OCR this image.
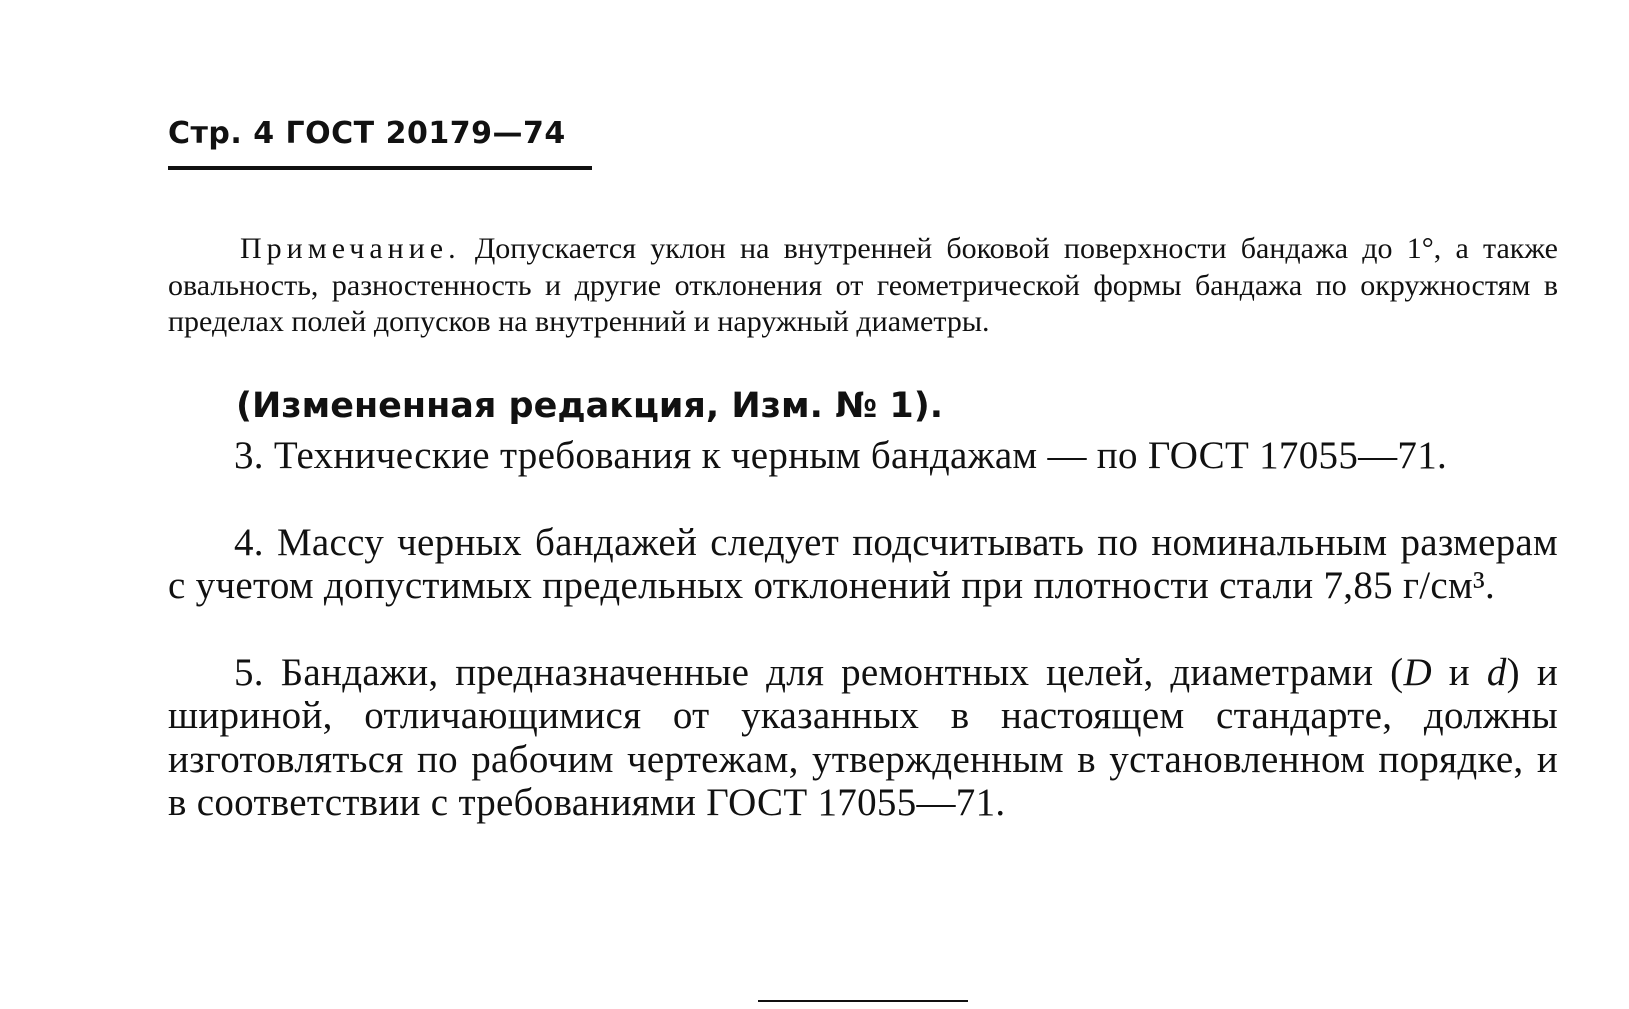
Стр. 4 ГОСТ 20179—74

Примечание. Допускается уклон на внутренней боковой поверхности бандажа до 1°, а также овальность, разностенность и другие отклонения от геометрической формы бандажа по окружностям в пределах полей допусков на внутренний и наружный диаметры.

(Измененная редакция, Изм. № 1).

3. Технические требования к черным бандажам — по ГОСТ 17055—71.

4. Массу черных бандажей следует подсчитывать по номинальным размерам с учетом допустимых предельных отклонений при плотности стали 7,85 г/см³.

5. Бандажи, предназначенные для ремонтных целей, диаметрами (D и d) и шириной, отличающимися от указанных в настоящем стандарте, должны изготовляться по рабочим чертежам, утвержденным в установленном порядке, и в соответствии с требованиями ГОСТ 17055—71.
